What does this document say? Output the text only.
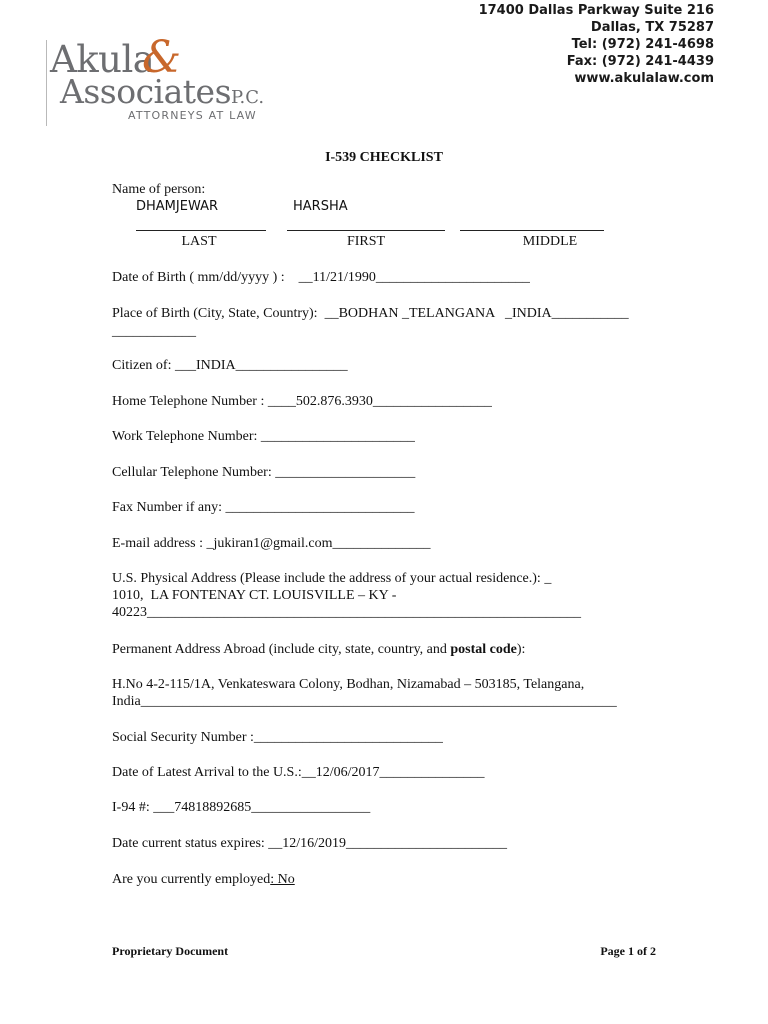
17400 Dallas Parkway Suite 216
Dallas, TX 75287
Tel: (972) 241-4698
Fax: (972) 241-4439
www.akulalaw.com
Akula
&
AssociatesP.C.
ATTORNEYS AT LAW
I-539 CHECKLIST
Name of person:
DHAMJEWAR	HARSHA
LAST	FIRST	MIDDLE
Date of Birth ( mm/dd/yyyy ) :    __11/21/1990______________________
Place of Birth (City, State, Country):  __BODHAN _TELANGANA   _INDIA___________
____________
Citizen of: ___INDIA________________
Home Telephone Number : ____502.876.3930_________________
Work Telephone Number: ______________________
Cellular Telephone Number: ____________________
Fax Number if any: ___________________________
E-mail address : _jukiran1@gmail.com______________
U.S. Physical Address (Please include the address of your actual residence.): _
1010,  LA FONTENAY CT. LOUISVILLE – KY -
40223______________________________________________________________
Permanent Address Abroad (include city, state, country, and postal code):
H.No 4-2-115/1A, Venkateswara Colony, Bodhan, Nizamabad – 503185, Telangana,
India____________________________________________________________________
Social Security Number :___________________________
Date of Latest Arrival to the U.S.:__12/06/2017_______________
I-94 #: ___74818892685_________________
Date current status expires: __12/16/2019_______________________
Are you currently employed: No
Proprietary Document	Page 1 of 2
